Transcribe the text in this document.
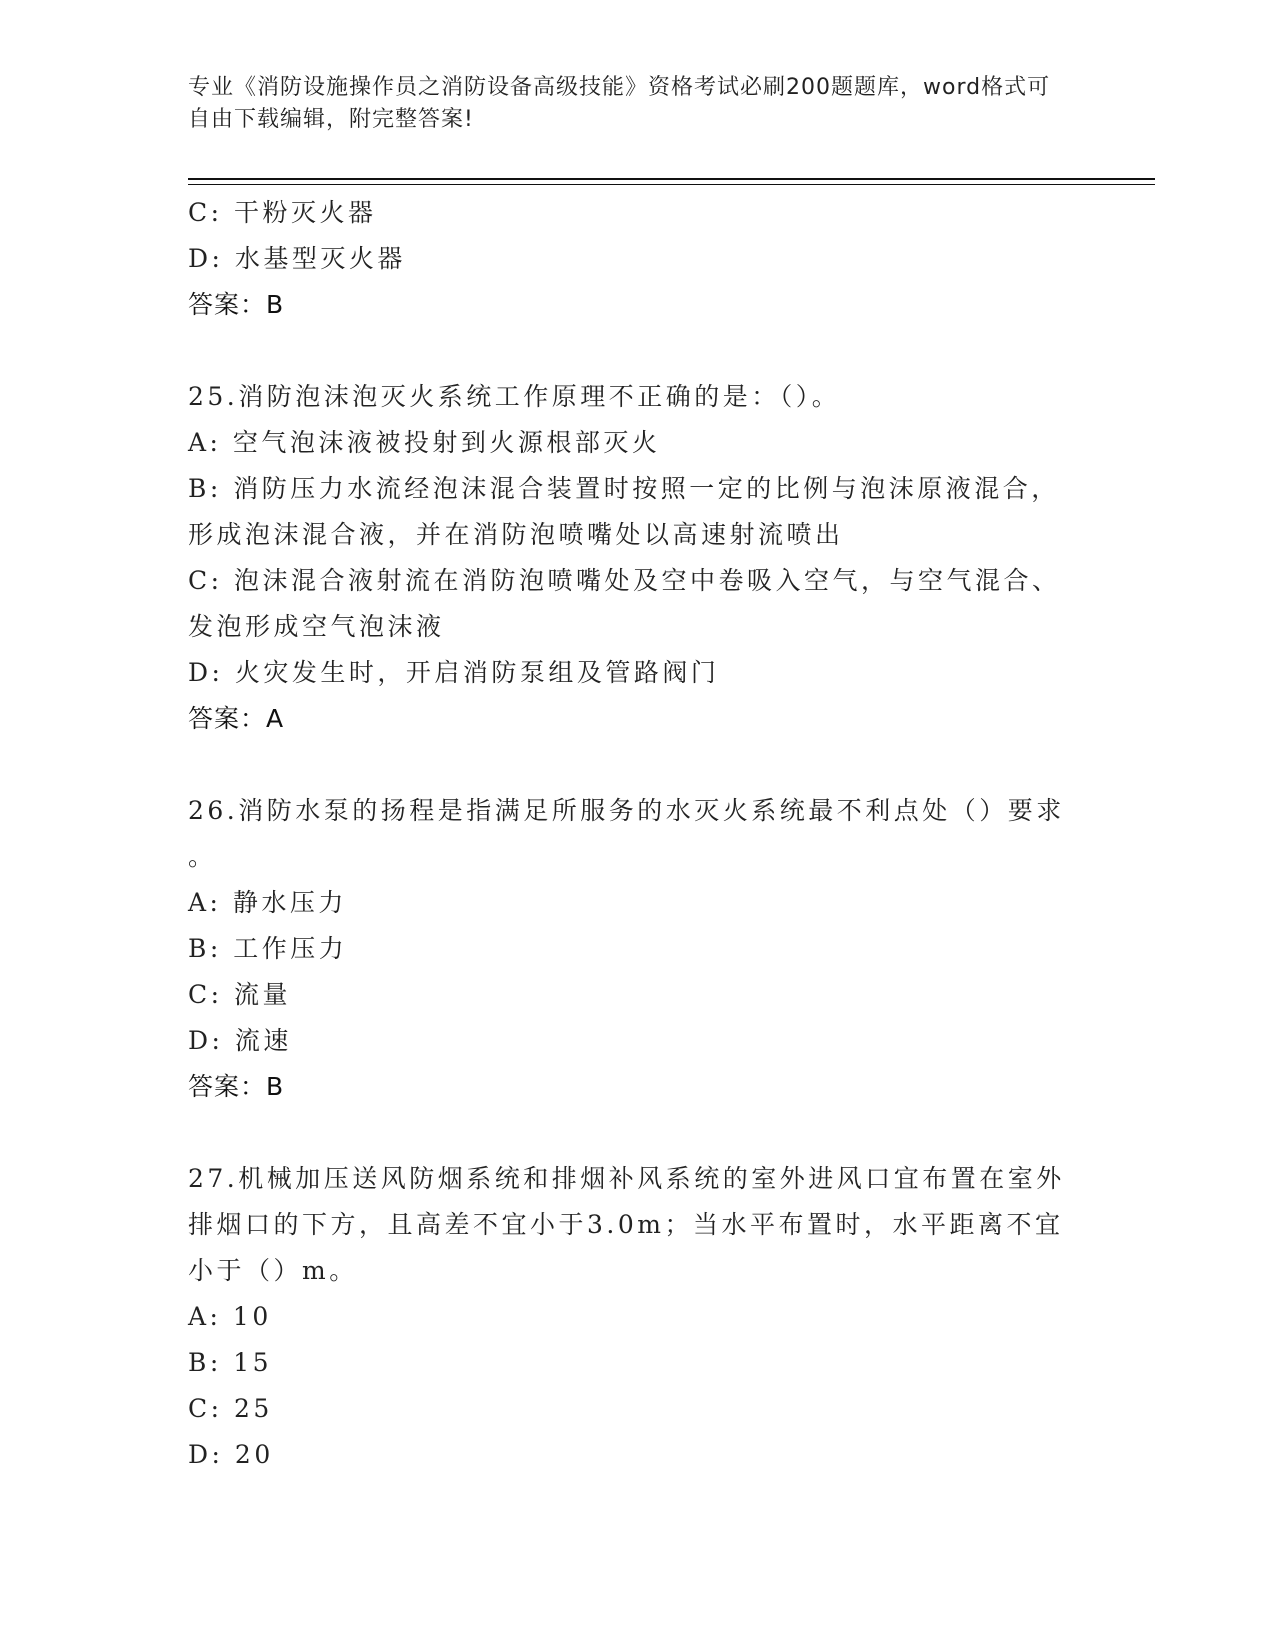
专业《消防设施操作员之消防设备高级技能》资格考试必刷200题题库，word格式可自由下载编辑，附完整答案!
C: 干粉灭火器
D: 水基型灭火器
答案：B
25.消防泡沫泡灭火系统工作原理不正确的是：（）。
A: 空气泡沫液被投射到火源根部灭火
B: 消防压力水流经泡沫混合装置时按照一定的比例与泡沫原液混合，
形成泡沫混合液，并在消防泡喷嘴处以高速射流喷出
C: 泡沫混合液射流在消防泡喷嘴处及空中卷吸入空气，与空气混合、
发泡形成空气泡沫液
D: 火灾发生时，开启消防泵组及管路阀门
答案：A
26.消防水泵的扬程是指满足所服务的水灭火系统最不利点处（）要求
。
A: 静水压力
B: 工作压力
C: 流量
D: 流速
答案：B
27.机械加压送风防烟系统和排烟补风系统的室外进风口宜布置在室外
排烟口的下方，且高差不宜小于3.0m；当水平布置时，水平距离不宜
小于（）m。
A: 10
B: 15
C: 25
D: 20
